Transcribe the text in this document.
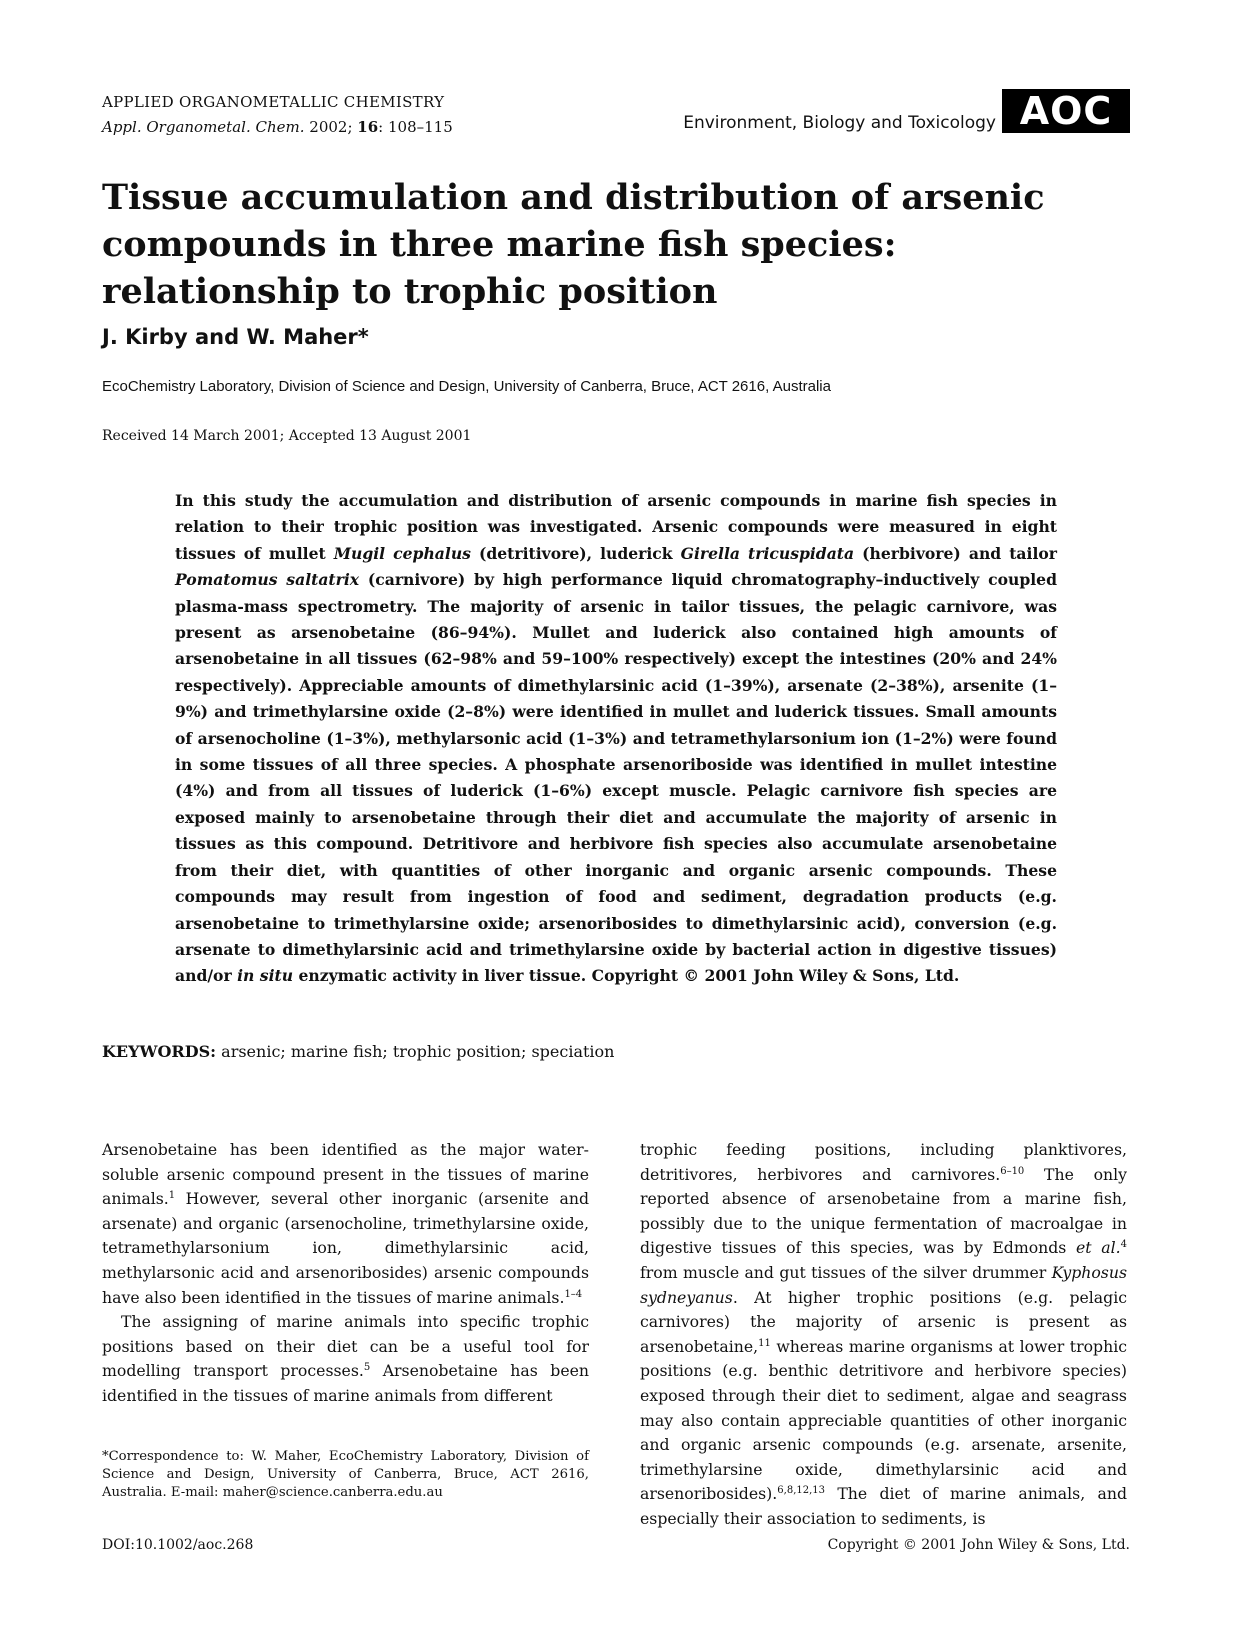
APPLIED ORGANOMETALLIC CHEMISTRY
Appl. Organometal. Chem. 2002; 16: 108–115	Environment, Biology and Toxicology AOC
Tissue accumulation and distribution of arsenic compounds in three marine fish species: relationship to trophic position
J. Kirby and W. Maher*
EcoChemistry Laboratory, Division of Science and Design, University of Canberra, Bruce, ACT 2616, Australia
Received 14 March 2001; Accepted 13 August 2001
In this study the accumulation and distribution of arsenic compounds in marine fish species in relation to their trophic position was investigated. Arsenic compounds were measured in eight tissues of mullet Mugil cephalus (detritivore), luderick Girella tricuspidata (herbivore) and tailor Pomatomus saltatrix (carnivore) by high performance liquid chromatography–inductively coupled plasma-mass spectrometry. The majority of arsenic in tailor tissues, the pelagic carnivore, was present as arsenobetaine (86–94%). Mullet and luderick also contained high amounts of arsenobetaine in all tissues (62–98% and 59–100% respectively) except the intestines (20% and 24% respectively). Appreciable amounts of dimethylarsinic acid (1–39%), arsenate (2–38%), arsenite (1–9%) and trimethylarsine oxide (2–8%) were identified in mullet and luderick tissues. Small amounts of arsenocholine (1–3%), methylarsonic acid (1–3%) and tetramethylarsonium ion (1–2%) were found in some tissues of all three species. A phosphate arsenoriboside was identified in mullet intestine (4%) and from all tissues of luderick (1–6%) except muscle. Pelagic carnivore fish species are exposed mainly to arsenobetaine through their diet and accumulate the majority of arsenic in tissues as this compound. Detritivore and herbivore fish species also accumulate arsenobetaine from their diet, with quantities of other inorganic and organic arsenic compounds. These compounds may result from ingestion of food and sediment, degradation products (e.g. arsenobetaine to trimethylarsine oxide; arsenoribosides to dimethylarsinic acid), conversion (e.g. arsenate to dimethylarsinic acid and trimethylarsine oxide by bacterial action in digestive tissues) and/or in situ enzymatic activity in liver tissue. Copyright © 2001 John Wiley & Sons, Ltd.
KEYWORDS: arsenic; marine fish; trophic position; speciation

Arsenobetaine has been identified as the major water-soluble arsenic compound present in the tissues of marine animals.$^1$ However, several other inorganic (arsenite and arsenate) and organic (arsenocholine, trimethylarsine oxide, tetramethylarsonium ion, dimethylarsinic acid, methylarsonic acid and arsenoribosides) arsenic compounds have also been identified in the tissues of marine animals.$^{1-4}$

The assigning of marine animals into specific trophic positions based on their diet can be a useful tool for modelling transport processes.$^5$ Arsenobetaine has been identified in the tissues of marine animals from different

trophic feeding positions, including planktivores, detritivores, herbivores and carnivores.$^{6-10}$ The only reported absence of arsenobetaine from a marine fish, possibly due to the unique fermentation of macroalgae in digestive tissues of this species, was by Edmonds et al.$^4$ from muscle and gut tissues of the silver drummer Kyphosus sydneyanus. At higher trophic positions (e.g. pelagic carnivores) the majority of arsenic is present as arsenobetaine,$^{11}$ whereas marine organisms at lower trophic positions (e.g. benthic detritivore and herbivore species) exposed through their diet to sediment, algae and seagrass may also contain appreciable quantities of other inorganic and organic arsenic compounds (e.g. arsenate, arsenite, trimethylarsine oxide, dimethylarsinic acid and arsenoribosides).$^{6,8,12,13}$ The diet of marine animals, and especially their association to sediments, is

*Correspondence to: W. Maher, EcoChemistry Laboratory, Division of Science and Design, University of Canberra, Bruce, ACT 2616, Australia. E-mail: maher@science.canberra.edu.au
DOI:10.1002/aoc.268	Copyright © 2001 John Wiley & Sons, Ltd.
